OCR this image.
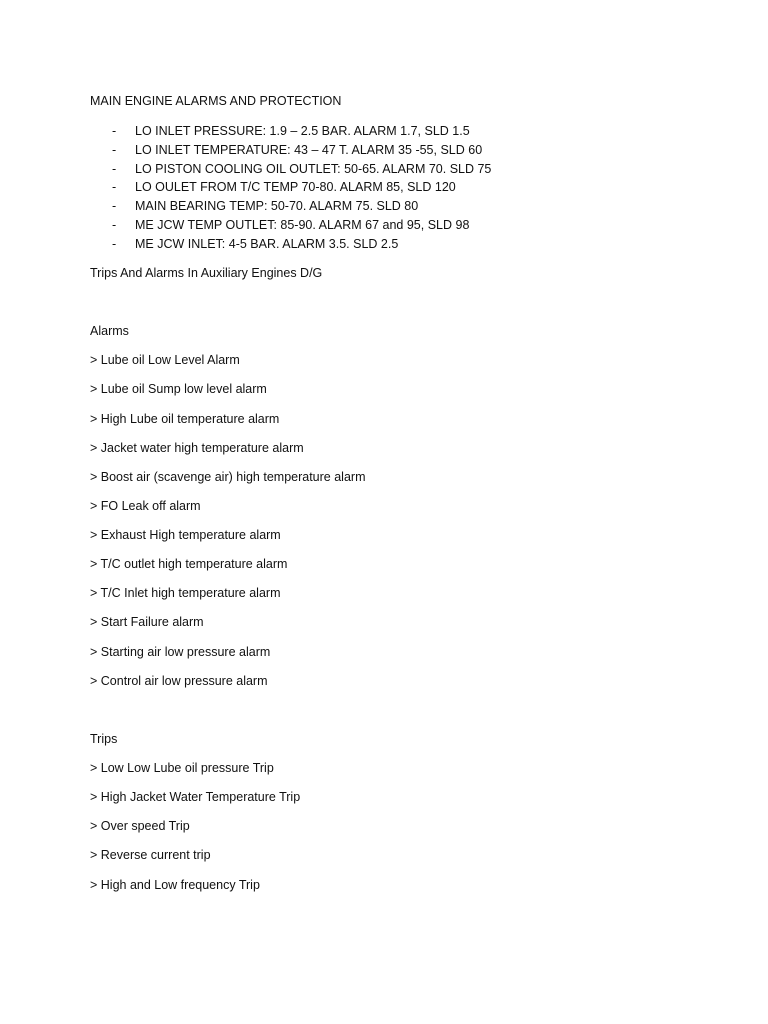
MAIN ENGINE ALARMS AND PROTECTION
- LO INLET PRESSURE: 1.9 – 2.5 BAR. ALARM 1.7, SLD 1.5
- LO INLET TEMPERATURE: 43 – 47 T. ALARM 35 -55, SLD 60
- LO PISTON COOLING OIL OUTLET: 50-65. ALARM 70. SLD 75
- LO OULET FROM T/C TEMP 70-80. ALARM 85, SLD 120
- MAIN BEARING TEMP: 50-70. ALARM 75. SLD 80
- ME JCW TEMP OUTLET: 85-90. ALARM 67 and 95, SLD 98
- ME JCW INLET: 4-5 BAR. ALARM 3.5. SLD 2.5
Trips And Alarms In Auxiliary Engines D/G
Alarms
> Lube oil Low Level Alarm
> Lube oil Sump low level alarm
> High Lube oil temperature alarm
> Jacket water high temperature alarm
> Boost air (scavenge air) high temperature alarm
> FO Leak off alarm
> Exhaust High temperature alarm
> T/C outlet high temperature alarm
> T/C Inlet high temperature alarm
> Start Failure alarm
> Starting air low pressure alarm
> Control air low pressure alarm
Trips
> Low Low Lube oil pressure Trip
> High Jacket Water Temperature Trip
> Over speed Trip
> Reverse current trip
> High and Low frequency Trip
